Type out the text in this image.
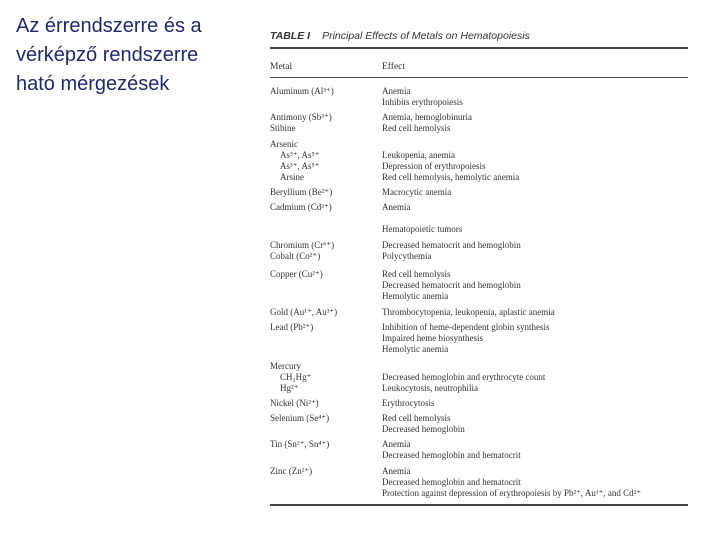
Az érrendszerre és a
vérképző rendszerre
ható mérgezések
TABLE I Principal Effects of Metals on Hematopoiesis
Metal	Effect
Aluminum (Al³⁺)	Anemia
Inhibits erythropoiesis
Antimony (Sb³⁺)	Anemia, hemoglobinuria
Stibine	Red cell hemolysis
Arsenic
As³⁺, As⁵⁺	Leukopenia, anemia
As³⁺, As⁵⁺	Depression of erythropoiesis
Arsine	Red cell hemolysis, hemolytic anemia
Beryllium (Be²⁺)	Macrocytic anemia
Cadmium (Cd²⁺)	Anemia
Hematopoietic tumors
Chromium (Cr⁶⁺)	Decreased hematocrit and hemoglobin
Cobalt (Co²⁺)	Polycythemia
Copper (Cu²⁺)	Red cell hemolysis
Decreased hematocrit and hemoglobin
Hemolytic anemia
Gold (Au¹⁺, Au³⁺)	Thrombocytopenia, leukopenia, aplastic anemia
Lead (Pb²⁺)	Inhibition of heme-dependent globin synthesis
Impaired heme biosynthesis
Hemolytic anemia
Mercury
CH₃Hg⁺	Decreased hemoglobin and erythrocyte count
Hg²⁺	Leukocytosis, neutrophilia
Nickel (Ni²⁺)	Erythrocytosis
Selenium (Se⁴⁺)	Red cell hemolysis
Decreased hemoglobin
Tin (Sn²⁺, Sn⁴⁺)	Anemia
Decreased hemoglobin and hematocrit
Zinc (Zn²⁺)	Anemia
Decreased hemoglobin and hematocrit
Protection against depression of erythropoiesis by Pb²⁺, Au¹⁺, and Cd²⁺
